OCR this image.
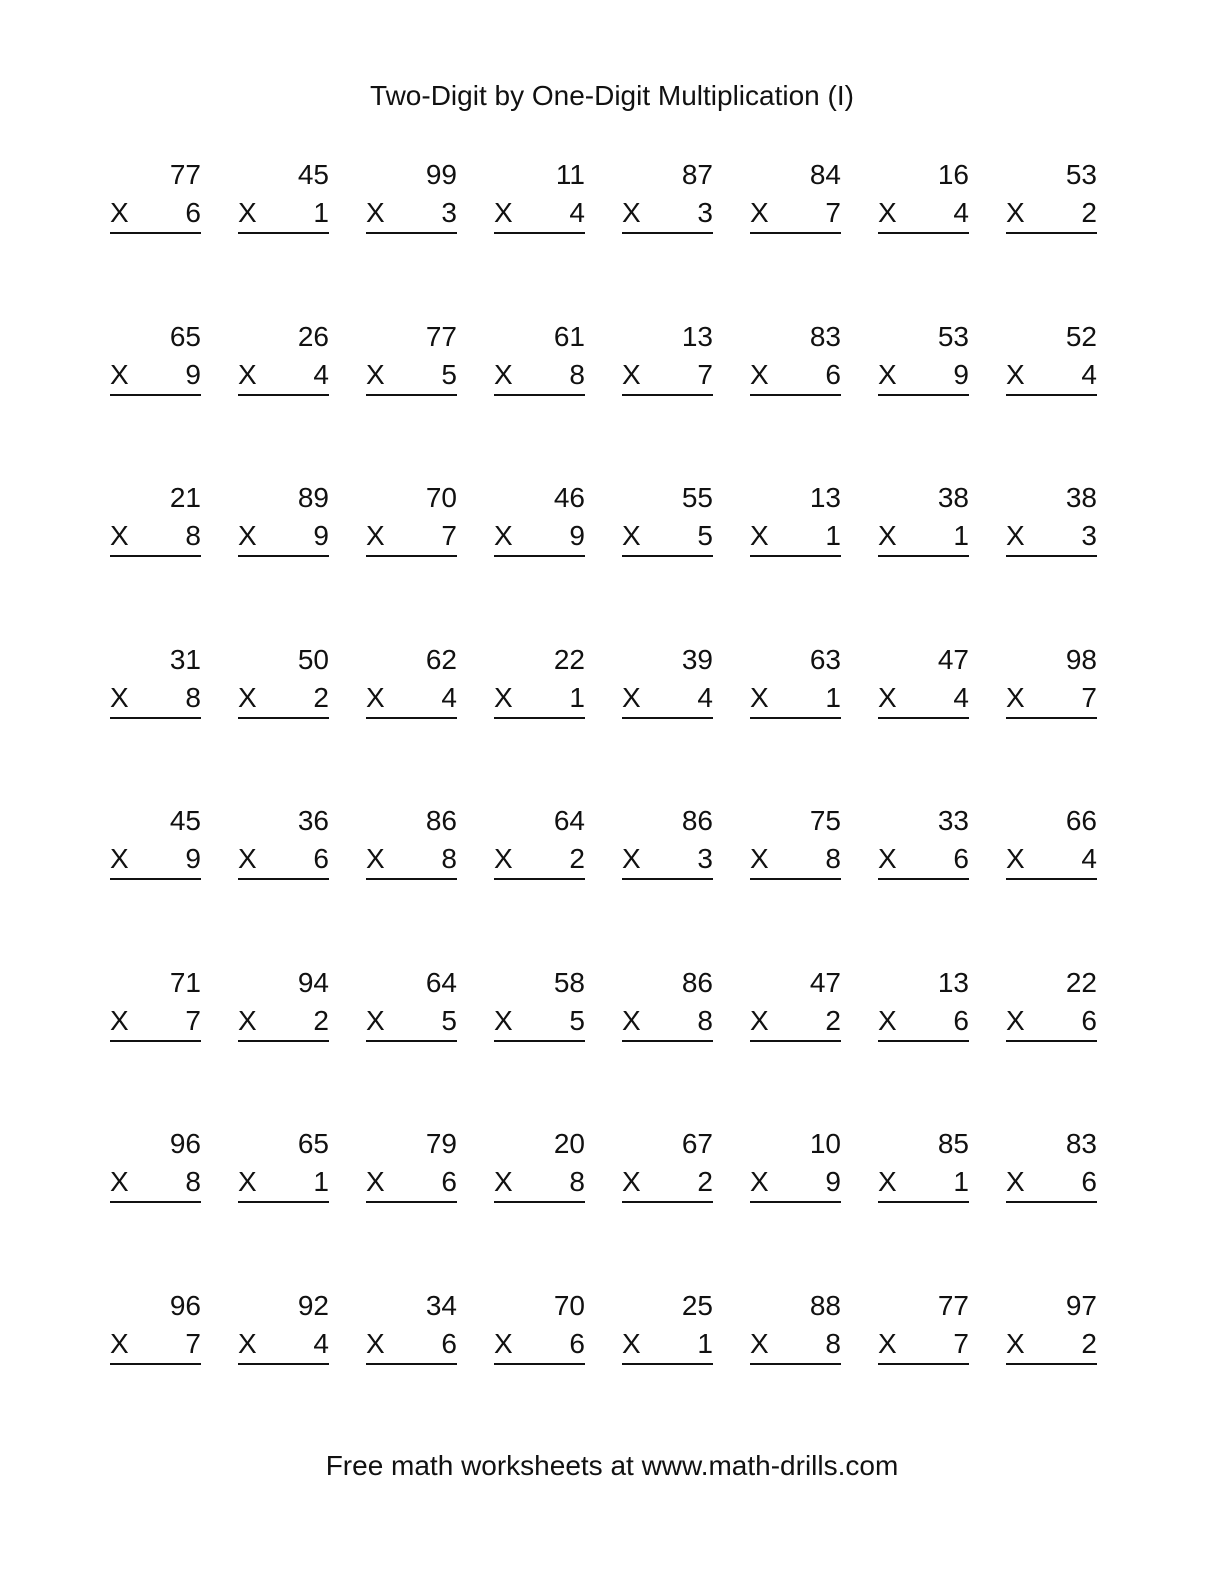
Two-Digit by One-Digit Multiplication (I)
77
X 6
45
X 1
99
X 3
11
X 4
87
X 3
84
X 7
16
X 4
53
X 2
65
X 9
26
X 4
77
X 5
61
X 8
13
X 7
83
X 6
53
X 9
52
X 4
21
X 8
89
X 9
70
X 7
46
X 9
55
X 5
13
X 1
38
X 1
38
X 3
31
X 8
50
X 2
62
X 4
22
X 1
39
X 4
63
X 1
47
X 4
98
X 7
45
X 9
36
X 6
86
X 8
64
X 2
86
X 3
75
X 8
33
X 6
66
X 4
71
X 7
94
X 2
64
X 5
58
X 5
86
X 8
47
X 2
13
X 6
22
X 6
96
X 8
65
X 1
79
X 6
20
X 8
67
X 2
10
X 9
85
X 1
83
X 6
96
X 7
92
X 4
34
X 6
70
X 6
25
X 1
88
X 8
77
X 7
97
X 2
Free math worksheets at www.math-drills.com
